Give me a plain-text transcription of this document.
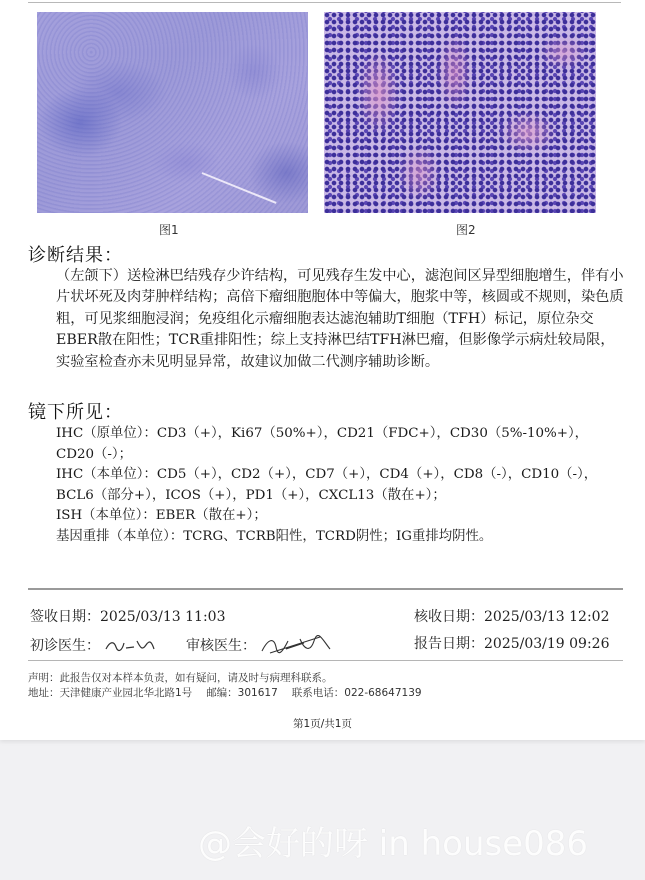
图1	图2
诊断结果：
（左颌下）送检淋巴结残存少许结构，可见残存生发中心，滤泡间区异型细胞增生，伴有小片状坏死及肉芽肿样结构；高倍下瘤细胞胞体中等偏大，胞浆中等，核圆或不规则，染色质粗，可见浆细胞浸润；免疫组化示瘤细胞表达滤泡辅助T细胞（TFH）标记，原位杂交EBER散在阳性；TCR重排阳性；综上支持淋巴结TFH淋巴瘤，但影像学示病灶较局限，实验室检查亦未见明显异常，故建议加做二代测序辅助诊断。
镜下所见：
IHC（原单位）：CD3（+），Ki67（50%+），CD21（FDC+），CD30（5%-10%+），CD20（-）；
IHC（本单位）：CD5（+），CD2（+），CD7（+），CD4（+），CD8（-），CD10（-），BCL6（部分+），ICOS（+），PD1（+），CXCL13（散在+）；
ISH（本单位）：EBER（散在+）；
基因重排（本单位）：TCRG、TCRB阳性，TCRD阴性；IG重排均阴性。
签收日期：2025/03/13 11:03	核收日期：2025/03/13 12:02
初诊医生：	审核医生：	报告日期：2025/03/19 09:26
声明：此报告仅对本样本负责，如有疑问，请及时与病理科联系。
地址：天津健康产业园北华北路1号 邮编：301617 联系电话：022-68647139
第1页/共1页
@会好的呀 in house086
